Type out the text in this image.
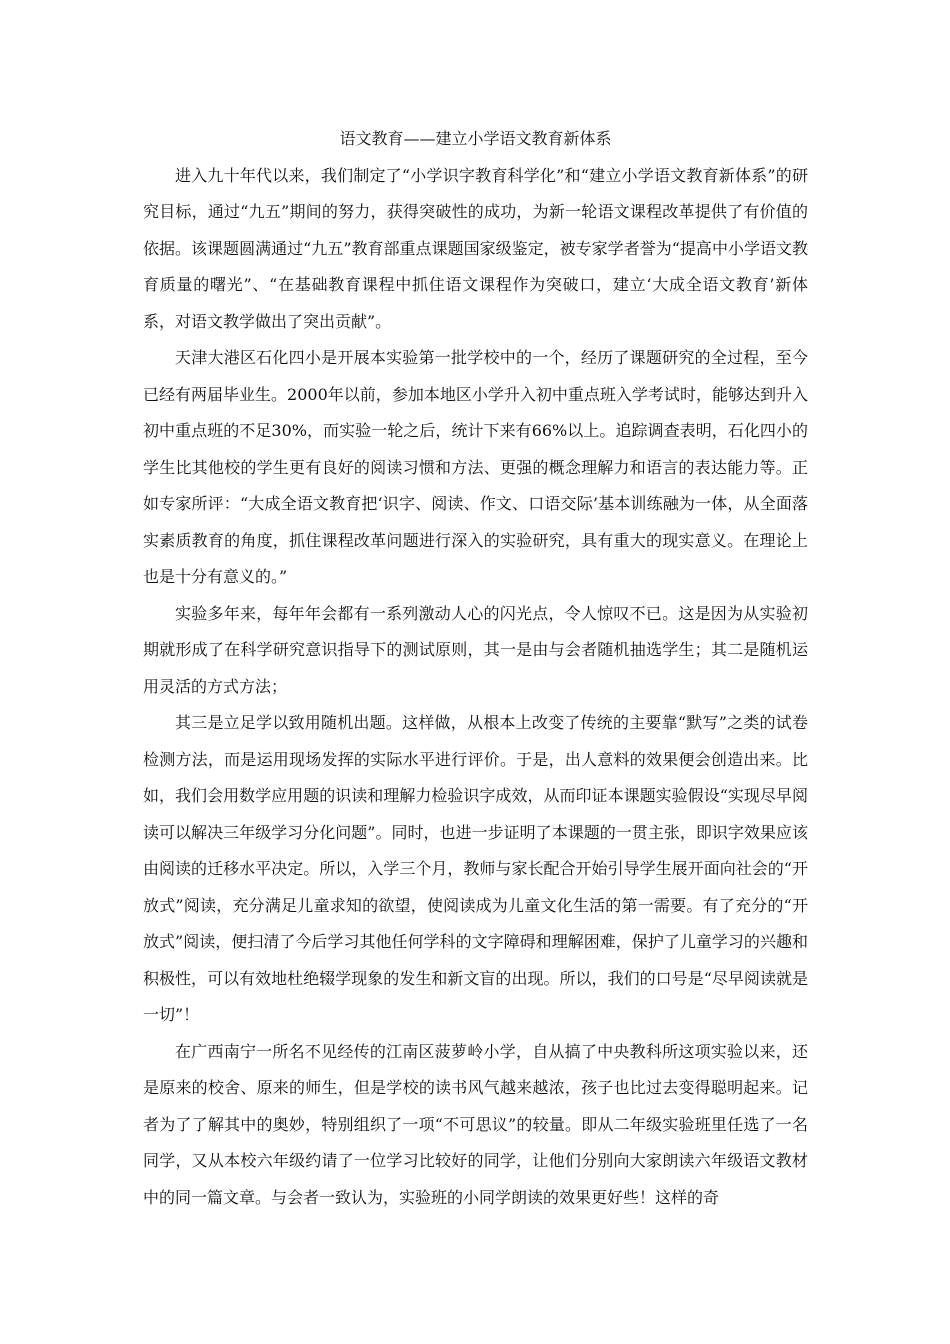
语文教育——建立小学语文教育新体系

进入九十年代以来，我们制定了“小学识字教育科学化”和“建立小学语文教育新体系”的研究目标，通过“九五”期间的努力，获得突破性的成功，为新一轮语文课程改革提供了有价值的依据。该课题圆满通过“九五”教育部重点课题国家级鉴定，被专家学者誉为“提高中小学语文教育质量的曙光”、“在基础教育课程中抓住语文课程作为突破口，建立‘大成全语文教育’新体系，对语文教学做出了突出贡献”。

天津大港区石化四小是开展本实验第一批学校中的一个，经历了课题研究的全过程，至今已经有两届毕业生。2000年以前，参加本地区小学升入初中重点班入学考试时，能够达到升入初中重点班的不足30%，而实验一轮之后，统计下来有66%以上。追踪调查表明，石化四小的学生比其他校的学生更有良好的阅读习惯和方法、更强的概念理解力和语言的表达能力等。正如专家所评：“大成全语文教育把‘识字、阅读、作文、口语交际’基本训练融为一体，从全面落实素质教育的角度，抓住课程改革问题进行深入的实验研究，具有重大的现实意义。在理论上也是十分有意义的。”

实验多年来，每年年会都有一系列激动人心的闪光点，令人惊叹不已。这是因为从实验初期就形成了在科学研究意识指导下的测试原则，其一是由与会者随机抽选学生；其二是随机运用灵活的方式方法；

其三是立足学以致用随机出题。这样做，从根本上改变了传统的主要靠“默写”之类的试卷检测方法，而是运用现场发挥的实际水平进行评价。于是，出人意料的效果便会创造出来。比如，我们会用数学应用题的识读和理解力检验识字成效，从而印证本课题实验假设“实现尽早阅读可以解决三年级学习分化问题”。同时，也进一步证明了本课题的一贯主张，即识字效果应该由阅读的迁移水平决定。所以，入学三个月，教师与家长配合开始引导学生展开面向社会的“开放式”阅读，充分满足儿童求知的欲望，使阅读成为儿童文化生活的第一需要。有了充分的“开放式”阅读，便扫清了今后学习其他任何学科的文字障碍和理解困难，保护了儿童学习的兴趣和积极性，可以有效地杜绝辍学现象的发生和新文盲的出现。所以，我们的口号是“尽早阅读就是一切”！

在广西南宁一所名不见经传的江南区菠萝岭小学，自从搞了中央教科所这项实验以来，还是原来的校舍、原来的师生，但是学校的读书风气越来越浓，孩子也比过去变得聪明起来。记者为了了解其中的奥妙，特别组织了一项“不可思议”的较量。即从二年级实验班里任选了一名同学，又从本校六年级约请了一位学习比较好的同学，让他们分别向大家朗读六年级语文教材中的同一篇文章。与会者一致认为，实验班的小同学朗读的效果更好些！这样的奇
